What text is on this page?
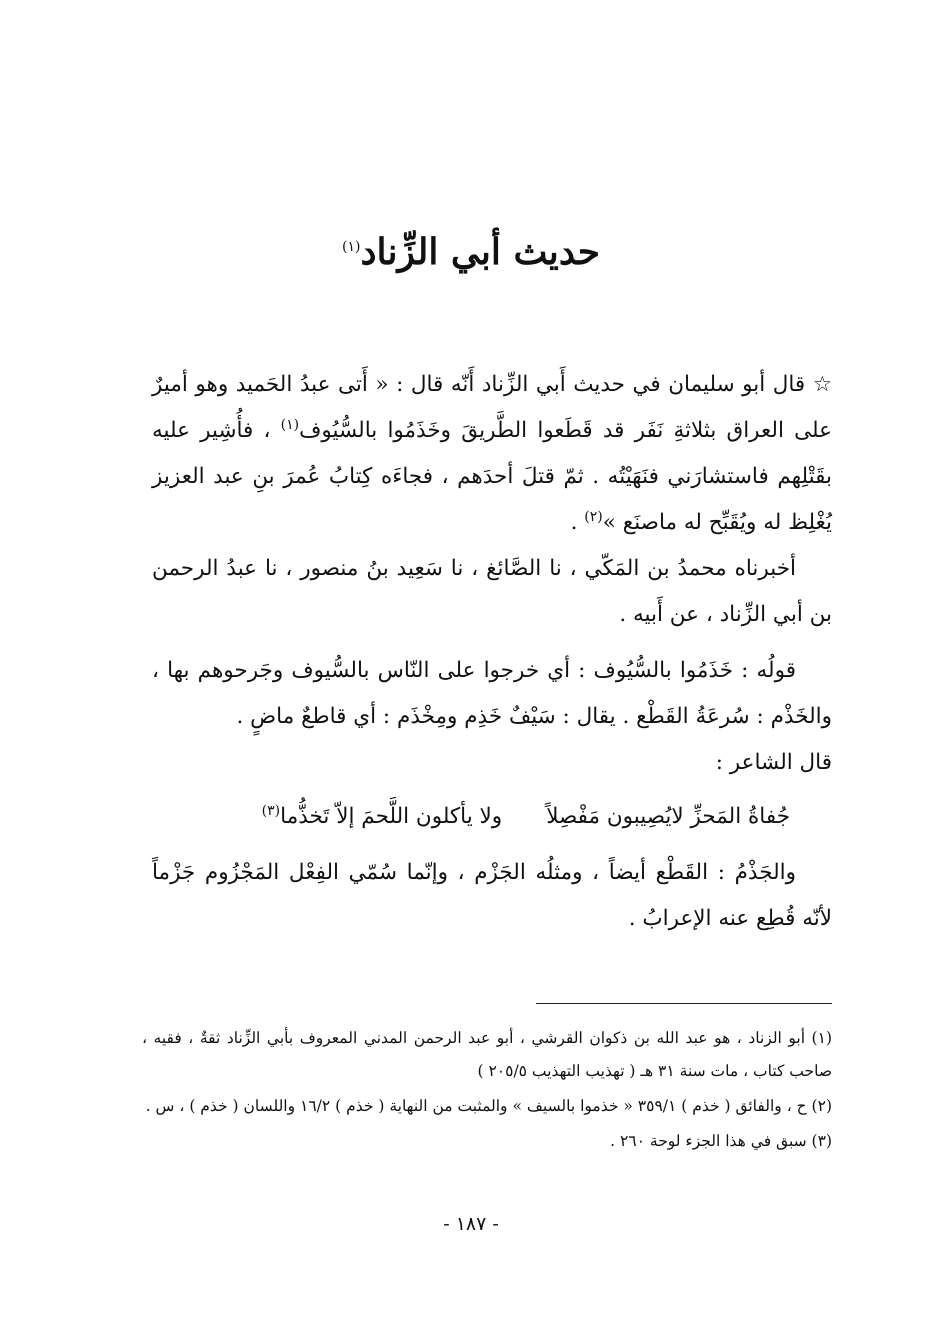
حديث أبي الزِّناد$^{(١)}$

☆ قال أبو سليمان في حديث أَبي الزِّناد أَنّه قال : « أَتى عبدُ الحَميد وهو أميرٌ على العراق بثلاثةِ نَفَر قد قَطَعوا الطَّريقَ وخَذَمُوا بالسُّيُوف$^{(١)}$ ، فأُشِير عليه بقَتْلِهم فاستشارَني فنَهَيْتُه . ثمّ قتلَ أحدَهم ، فجاءَه كِتابُ عُمرَ بنِ عبد العزيز يُغْلِظ له ويُقَبِّح له ماصنَع »$^{(٢)}$ .

أخبرناه محمدُ بن المَكّي ، نا الصَّائغ ، نا سَعِيد بنُ منصور ، نا عبدُ الرحمن بن أبي الزِّناد ، عن أَبيه .

قولُه : خَذَمُوا بالسُّيُوف : أي خرجوا على النّاس بالسُّيوف وجَرحوهم بها ، والخَذْم : سُرعَةُ القَطْع . يقال : سَيْفٌ خَذِم ومِخْذَم : أي قاطعٌ ماضٍ .

قال الشاعر :

جُفاةُ المَحزِّ لايُصِيبون مَفْصِلاً
ولا يأكلون اللَّحمَ إلاّ تَخذُّما$^{(٣)}$

والجَذْمُ : القَطْع أيضاً ، ومثلُه الجَزْم ، وإنّما سُمّي الفِعْل المَجْزُوم جَزْماً لأنّه قُطِع عنه الإعرابُ .

(١) أبو الزناد ، هو عبد الله بن ذكوان القرشي ، أبو عبد الرحمن المدني المعروف بأبي الزِّناد ثقةٌ ، فقيه ، صاحب كتاب ، مات سنة ٣١ هـ ( تهذيب التهذيب ٢٠٥/٥ )

(٢) ح ، والفائق ( خذم ) ٣٥٩/١ « خذموا بالسيف » والمثبت من النهاية ( خذم ) ١٦/٢ واللسان ( خذم ) ، س .

(٣) سبق في هذا الجزء لوحة ٢٦٠ .

- ١٨٧ -
